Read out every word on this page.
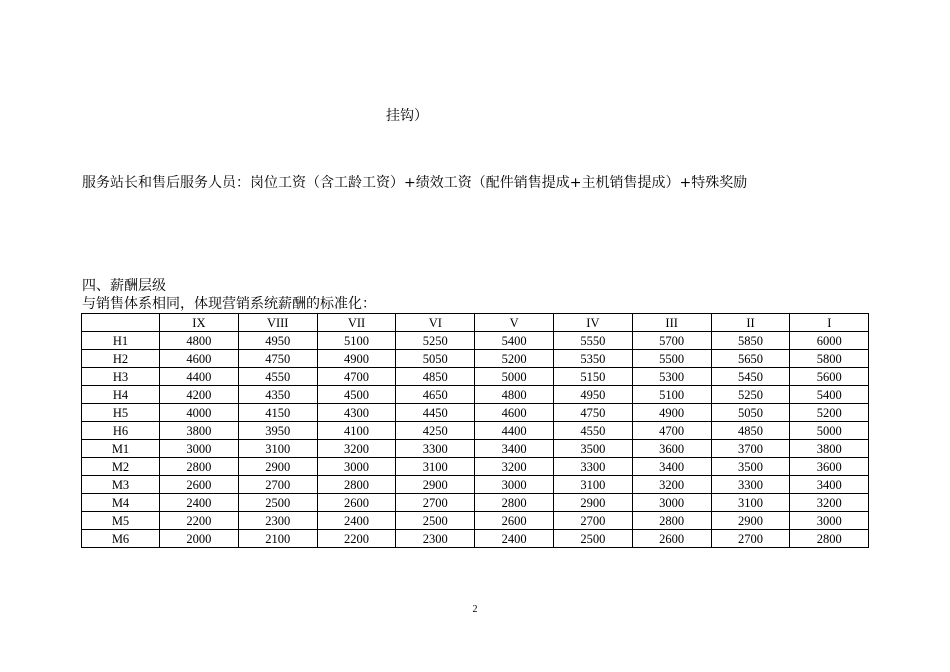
挂钩）
服务站长和售后服务人员：岗位工资（含工龄工资）+绩效工资（配件销售提成+主机销售提成）+特殊奖励
四、薪酬层级
与销售体系相同，体现营销系统薪酬的标准化：
	IX	VIII	VII	VI	V	IV	III	II	I
H1	4800	4950	5100	5250	5400	5550	5700	5850	6000
H2	4600	4750	4900	5050	5200	5350	5500	5650	5800
H3	4400	4550	4700	4850	5000	5150	5300	5450	5600
H4	4200	4350	4500	4650	4800	4950	5100	5250	5400
H5	4000	4150	4300	4450	4600	4750	4900	5050	5200
H6	3800	3950	4100	4250	4400	4550	4700	4850	5000
M1	3000	3100	3200	3300	3400	3500	3600	3700	3800
M2	2800	2900	3000	3100	3200	3300	3400	3500	3600
M3	2600	2700	2800	2900	3000	3100	3200	3300	3400
M4	2400	2500	2600	2700	2800	2900	3000	3100	3200
M5	2200	2300	2400	2500	2600	2700	2800	2900	3000
M6	2000	2100	2200	2300	2400	2500	2600	2700	2800
2
